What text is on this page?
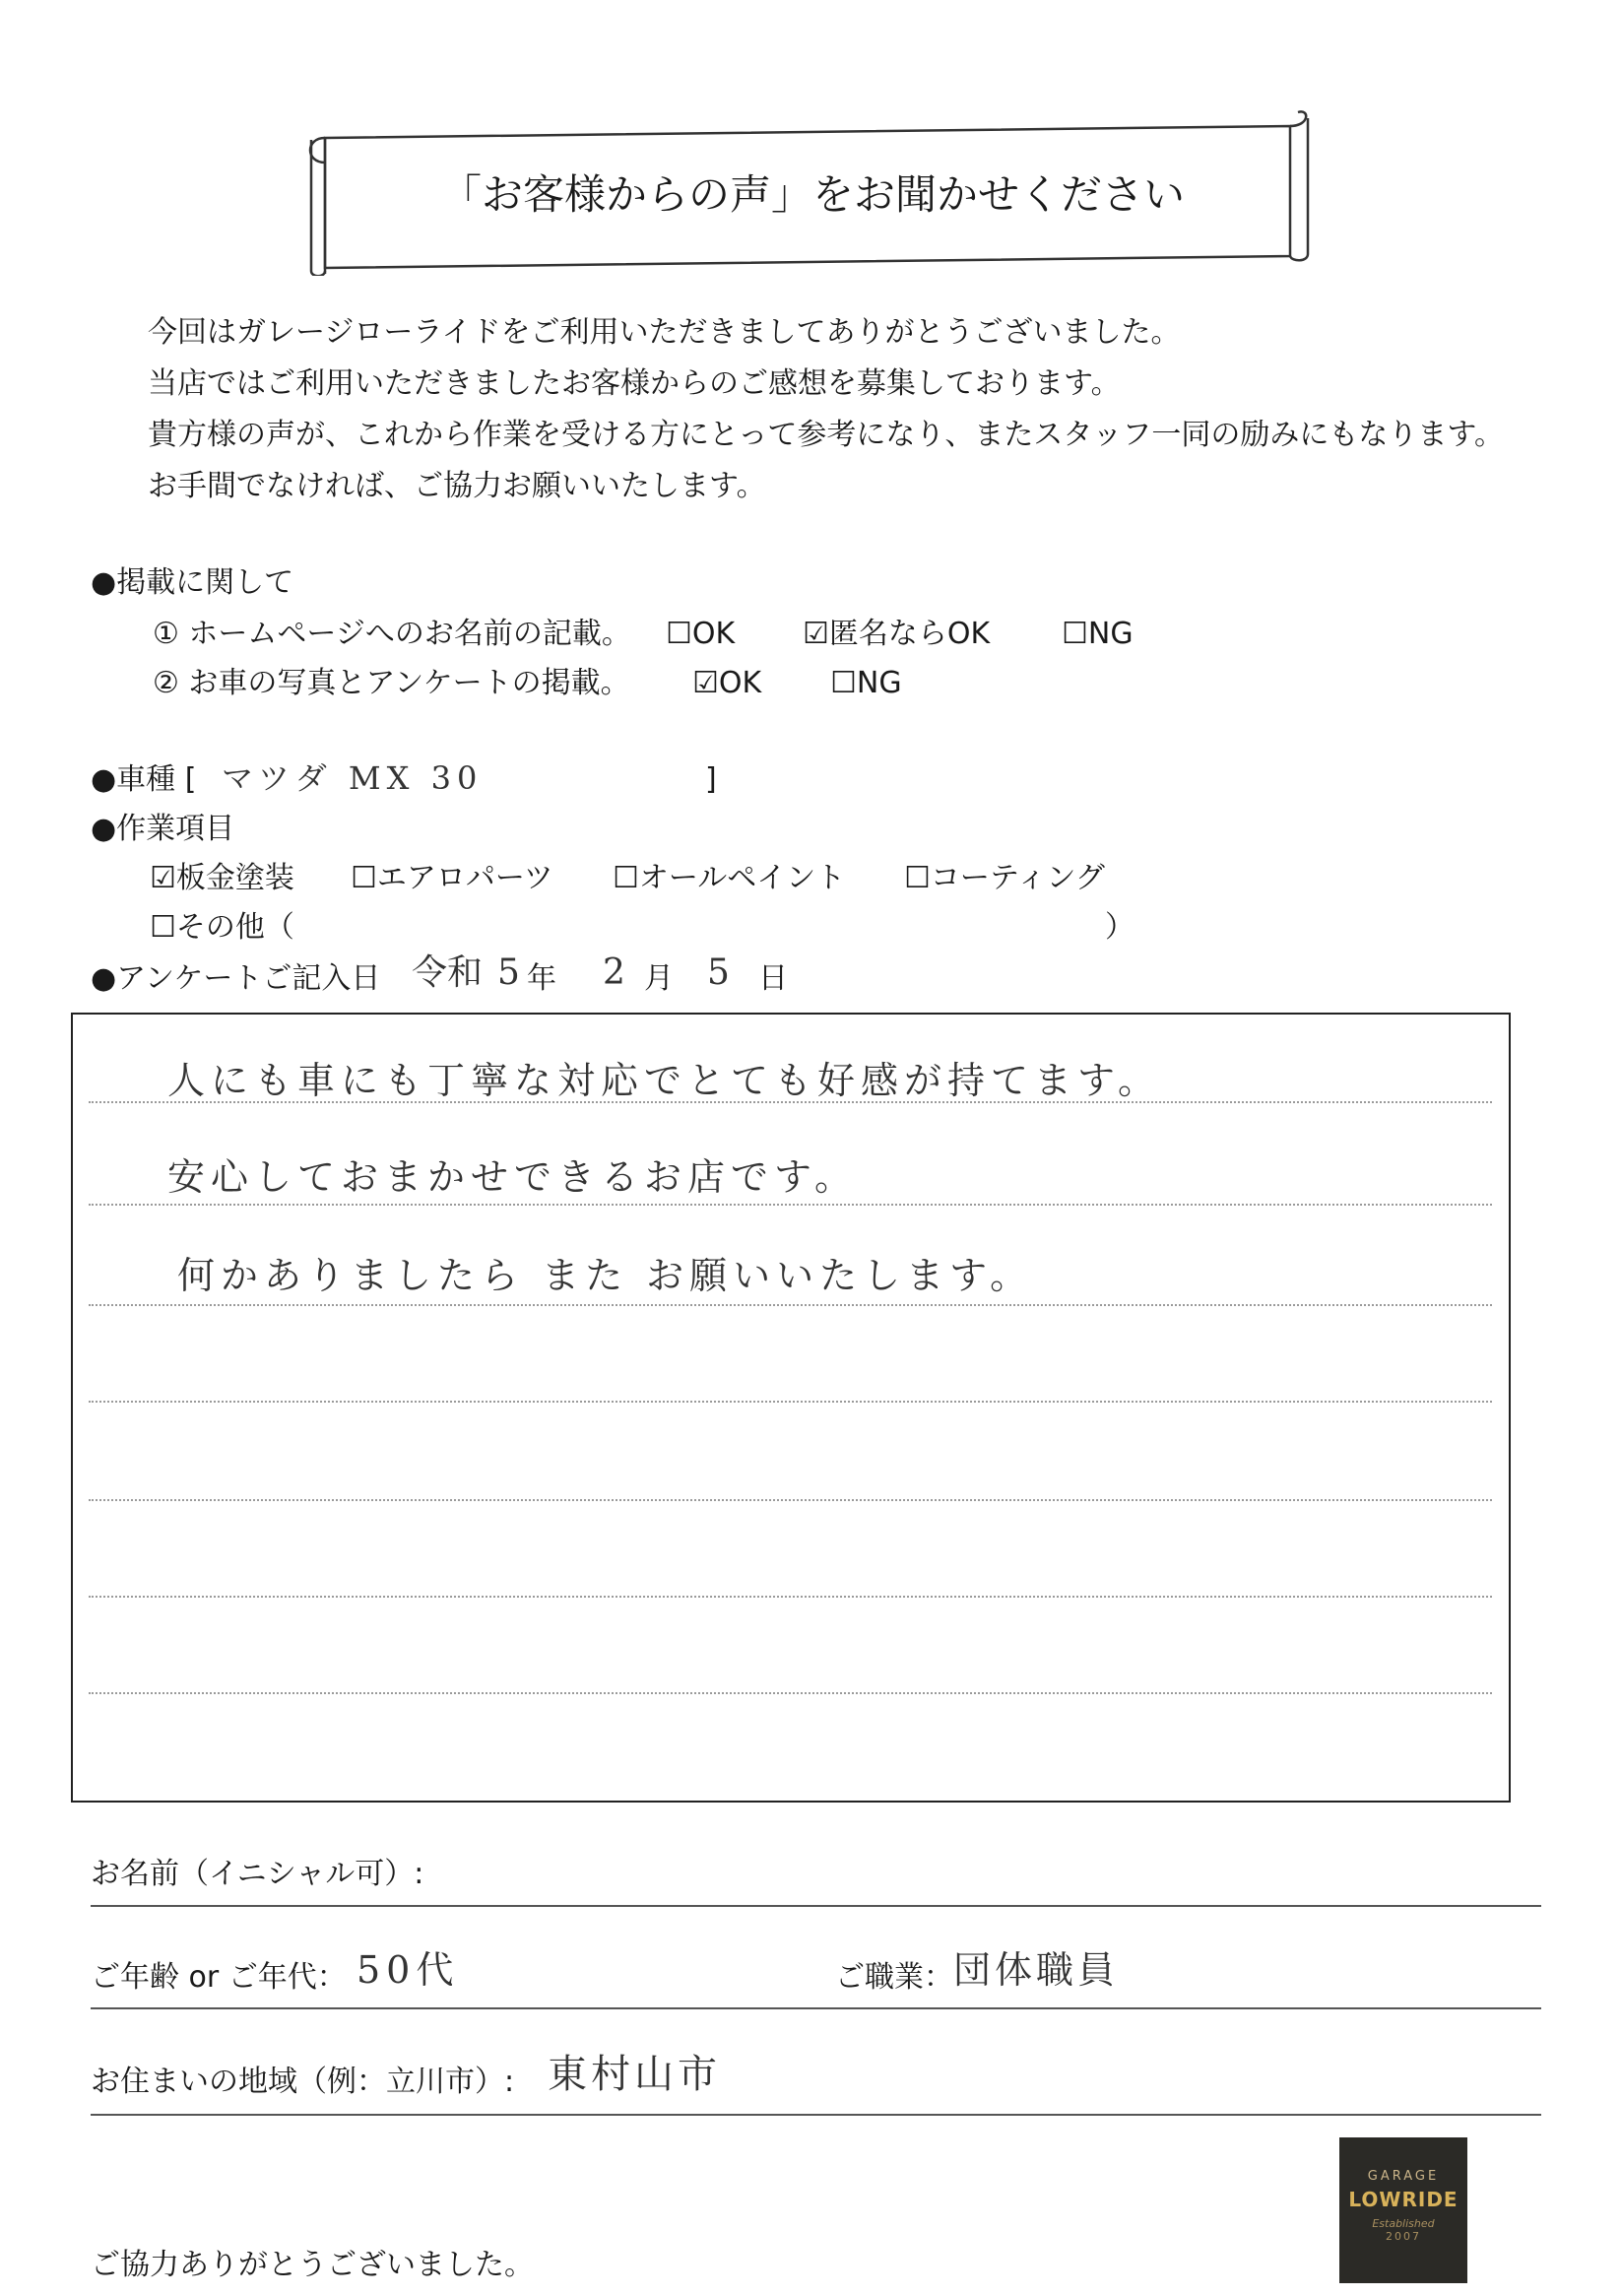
「お客様からの声」をお聞かせください
今回はガレージローライドをご利用いただきましてありがとうございました。
当店ではご利用いただきましたお客様からのご感想を募集しております。
貴方様の声が、これから作業を受ける方にとって参考になり、またスタッフ一同の励みにもなります。
お手間でなければ、ご協力お願いいたします。
●掲載に関して
① ホームページへのお名前の記載。 ☐OK ☑匿名ならOK ☐NG
② お車の写真とアンケートの掲載。 ☑OK ☐NG
●車種 [ マツダ MX 30	]
●作業項目
☑板金塗装 ☐エアロパーツ ☐オールペイント ☐コーティング
☐その他（	）
●アンケートご記入日 令和 5 年 2 月 5 日
人にも車にも丁寧な対応でとても好感が持てます。
安心しておまかせできるお店です。
何かありましたら また お願いいたします。
お名前（イニシャル可）:
ご年齢 or ご年代： 50代	ご職業： 団体職員
お住まいの地域（例：立川市）: 東村山市
GARAGE
LOWRIDE
Established
2007
ご協力ありがとうございました。
